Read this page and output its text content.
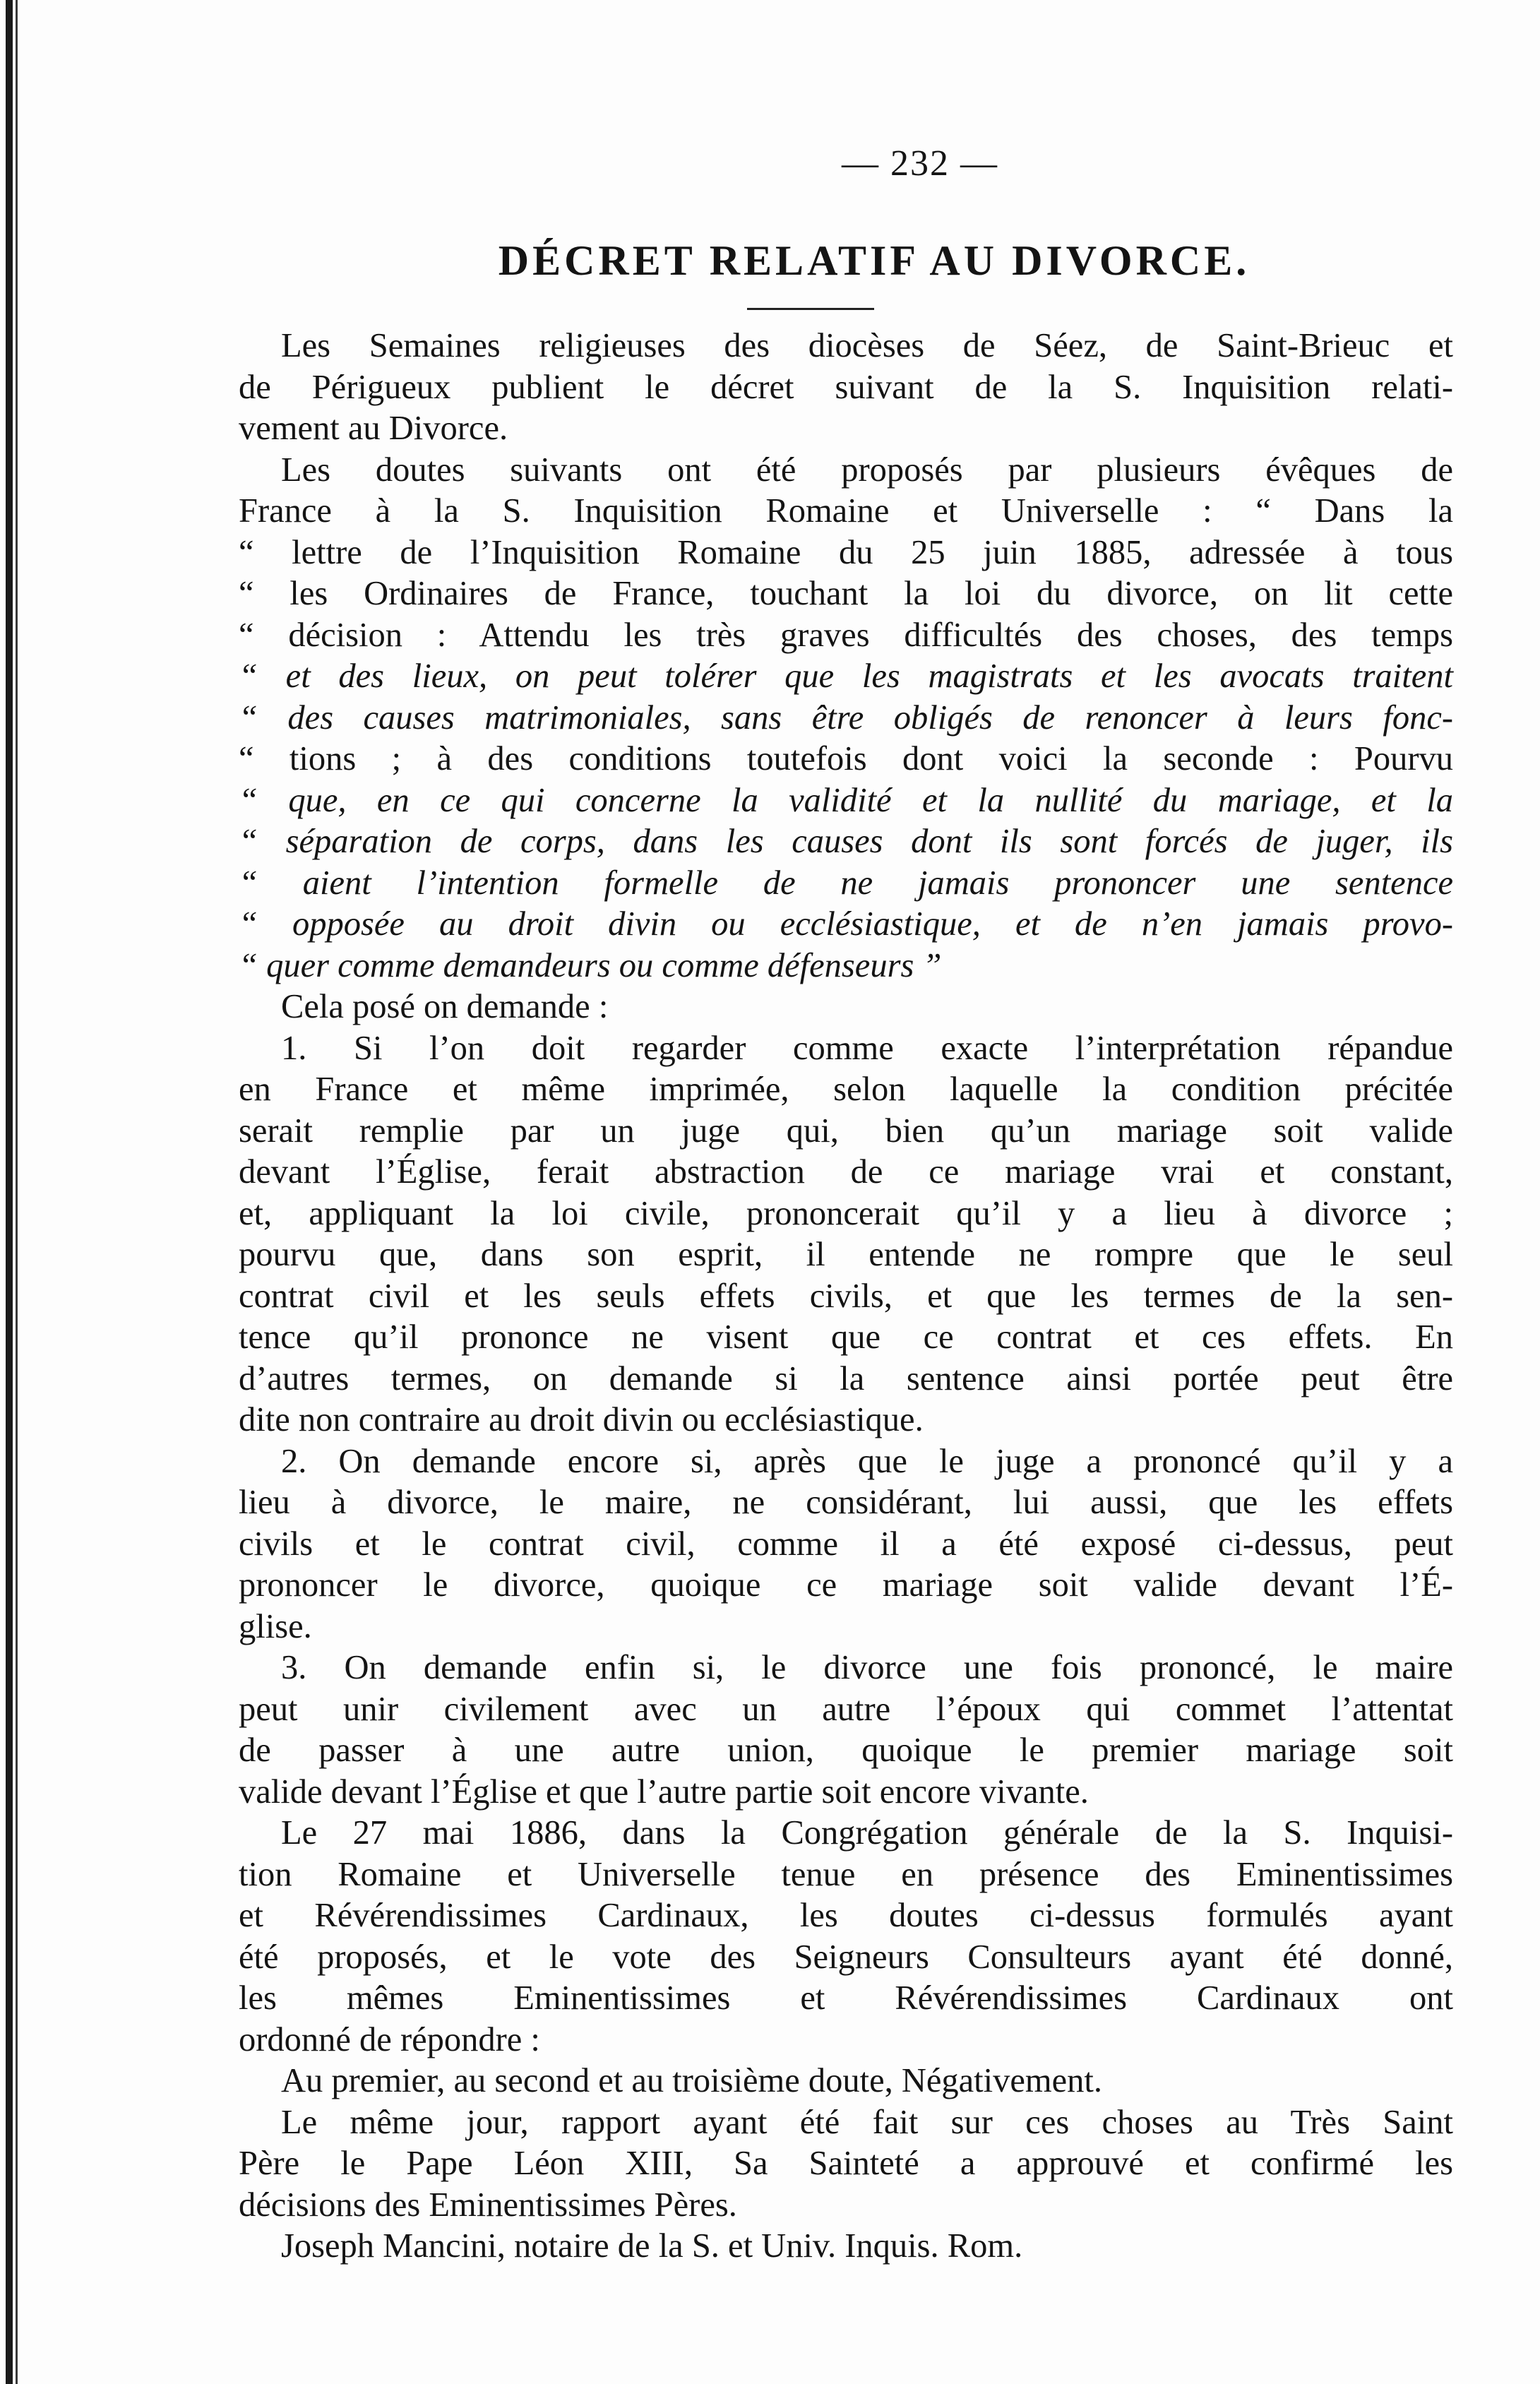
— 232 —
DÉCRET RELATIF AU DIVORCE.
Les Semaines religieuses des diocèses de Séez, de Saint-Brieuc et
de Périgueux publient le décret suivant de la S. Inquisition relati-
vement au Divorce.
Les doutes suivants ont été proposés par plusieurs évêques de
France à la S. Inquisition Romaine et Universelle : “ Dans la
“ lettre de l’Inquisition Romaine du 25 juin 1885, adressée à tous
“ les Ordinaires de France, touchant la loi du divorce, on lit cette
“ décision : Attendu les très graves difficultés des choses, des temps
“ et des lieux, on peut tolérer que les magistrats et les avocats traitent
“ des causes matrimoniales, sans être obligés de renoncer à leurs fonc-
“ tions ; à des conditions toutefois dont voici la seconde : Pourvu
“ que, en ce qui concerne la validité et la nullité du mariage, et la
“ séparation de corps, dans les causes dont ils sont forcés de juger, ils
“ aient l’intention formelle de ne jamais prononcer une sentence
“ opposée au droit divin ou ecclésiastique, et de n’en jamais provo-
“ quer comme demandeurs ou comme défenseurs ”
Cela posé on demande :
1. Si l’on doit regarder comme exacte l’interprétation répandue
en France et même imprimée, selon laquelle la condition précitée
serait remplie par un juge qui, bien qu’un mariage soit valide
devant l’Église, ferait abstraction de ce mariage vrai et constant,
et, appliquant la loi civile, prononcerait qu’il y a lieu à divorce ;
pourvu que, dans son esprit, il entende ne rompre que le seul
contrat civil et les seuls effets civils, et que les termes de la sen-
tence qu’il prononce ne visent que ce contrat et ces effets. En
d’autres termes, on demande si la sentence ainsi portée peut être
dite non contraire au droit divin ou ecclésiastique.
2. On demande encore si, après que le juge a prononcé qu’il y a
lieu à divorce, le maire, ne considérant, lui aussi, que les effets
civils et le contrat civil, comme il a été exposé ci-dessus, peut
prononcer le divorce, quoique ce mariage soit valide devant l’É-
glise.
3. On demande enfin si, le divorce une fois prononcé, le maire
peut unir civilement avec un autre l’époux qui commet l’attentat
de passer à une autre union, quoique le premier mariage soit
valide devant l’Église et que l’autre partie soit encore vivante.
Le 27 mai 1886, dans la Congrégation générale de la S. Inquisi-
tion Romaine et Universelle tenue en présence des Eminentissimes
et Révérendissimes Cardinaux, les doutes ci-dessus formulés ayant
été proposés, et le vote des Seigneurs Consulteurs ayant été donné,
les mêmes Eminentissimes et Révérendissimes Cardinaux ont
ordonné de répondre :
Au premier, au second et au troisième doute, Négativement.
Le même jour, rapport ayant été fait sur ces choses au Très Saint
Père le Pape Léon XIII, Sa Sainteté a approuvé et confirmé les
décisions des Eminentissimes Pères.
Joseph Mancini, notaire de la S. et Univ. Inquis. Rom.
